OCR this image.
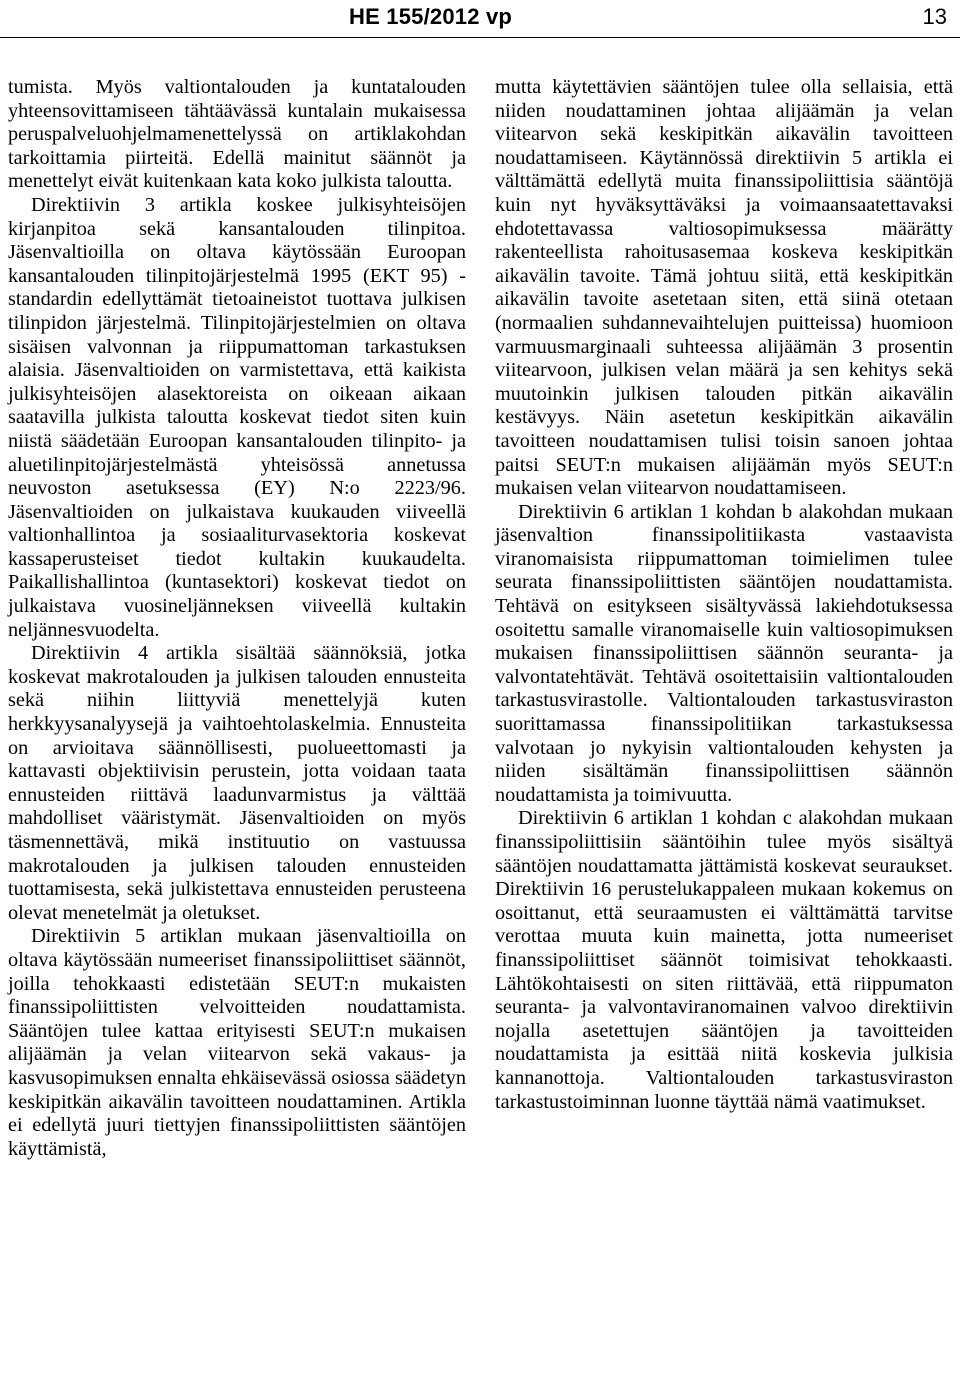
HE 155/2012 vp	13

tumista. Myös valtiontalouden ja kuntatalouden yhteensovittamiseen tähtäävässä kuntalain mukaisessa peruspalveluohjelmamenettelyssä on artiklakohdan tarkoittamia piirteitä. Edellä mainitut säännöt ja menettelyt eivät kuitenkaan kata koko julkista taloutta.

Direktiivin 3 artikla koskee julkisyhteisöjen kirjanpitoa sekä kansantalouden tilinpitoa. Jäsenvaltioilla on oltava käytössään Euroopan kansantalouden tilinpitojärjestelmä 1995 (EKT 95) -standardin edellyttämät tietoaineistot tuottava julkisen tilinpidon järjestelmä. Tilinpitojärjestelmien on oltava sisäisen valvonnan ja riippumattoman tarkastuksen alaisia. Jäsenvaltioiden on varmistettava, että kaikista julkisyhteisöjen alasektoreista on oikeaan aikaan saatavilla julkista taloutta koskevat tiedot siten kuin niistä säädetään Euroopan kansantalouden tilinpito- ja aluetilinpitojärjestelmästä yhteisössä annetussa neuvoston asetuksessa (EY) N:o 2223/96. Jäsenvaltioiden on julkaistava kuukauden viiveellä valtionhallintoa ja sosiaaliturvasektoria koskevat kassaperusteiset tiedot kultakin kuukaudelta. Paikallishallintoa (kuntasektori) koskevat tiedot on julkaistava vuosineljänneksen viiveellä kultakin neljännesvuodelta.

Direktiivin 4 artikla sisältää säännöksiä, jotka koskevat makrotalouden ja julkisen talouden ennusteita sekä niihin liittyviä menettelyjä kuten herkkyysanalyysejä ja vaihtoehtolaskelmia. Ennusteita on arvioitava säännöllisesti, puolueettomasti ja kattavasti objektiivisin perustein, jotta voidaan taata ennusteiden riittävä laadunvarmistus ja välttää mahdolliset vääristymät. Jäsenvaltioiden on myös täsmennettävä, mikä instituutio on vastuussa makrotalouden ja julkisen talouden ennusteiden tuottamisesta, sekä julkistettava ennusteiden perusteena olevat menetelmät ja oletukset.

Direktiivin 5 artiklan mukaan jäsenvaltioilla on oltava käytössään numeeriset finanssipoliittiset säännöt, joilla tehokkaasti edistetään SEUT:n mukaisten finanssipoliittisten velvoitteiden noudattamista. Sääntöjen tulee kattaa erityisesti SEUT:n mukaisen alijäämän ja velan viitearvon sekä vakaus- ja kasvusopimuksen ennalta ehkäisevässä osiossa säädetyn keskipitkän aikavälin tavoitteen noudattaminen. Artikla ei edellytä juuri tiettyjen finanssipoliittisten sääntöjen käyttämistä,

mutta käytettävien sääntöjen tulee olla sellaisia, että niiden noudattaminen johtaa alijäämän ja velan viitearvon sekä keskipitkän aikavälin tavoitteen noudattamiseen. Käytännössä direktiivin 5 artikla ei välttämättä edellytä muita finanssipoliittisia sääntöjä kuin nyt hyväksyttäväksi ja voimaansaatettavaksi ehdotettavassa valtiosopimuksessa määrätty rakenteellista rahoitusasemaa koskeva keskipitkän aikavälin tavoite. Tämä johtuu siitä, että keskipitkän aikavälin tavoite asetetaan siten, että siinä otetaan (normaalien suhdannevaihtelujen puitteissa) huomioon varmuusmarginaali suhteessa alijäämän 3 prosentin viitearvoon, julkisen velan määrä ja sen kehitys sekä muutoinkin julkisen talouden pitkän aikavälin kestävyys. Näin asetetun keskipitkän aikavälin tavoitteen noudattamisen tulisi toisin sanoen johtaa paitsi SEUT:n mukaisen alijäämän myös SEUT:n mukaisen velan viitearvon noudattamiseen.

Direktiivin 6 artiklan 1 kohdan b alakohdan mukaan jäsenvaltion finanssipolitiikasta vastaavista viranomaisista riippumattoman toimielimen tulee seurata finanssipoliittisten sääntöjen noudattamista. Tehtävä on esitykseen sisältyvässä lakiehdotuksessa osoitettu samalle viranomaiselle kuin valtiosopimuksen mukaisen finanssipoliittisen säännön seuranta- ja valvontatehtävät. Tehtävä osoitettaisiin valtiontalouden tarkastusvirastolle. Valtiontalouden tarkastusviraston suorittamassa finanssipolitiikan tarkastuksessa valvotaan jo nykyisin valtiontalouden kehysten ja niiden sisältämän finanssipoliittisen säännön noudattamista ja toimivuutta.

Direktiivin 6 artiklan 1 kohdan c alakohdan mukaan finanssipoliittisiin sääntöihin tulee myös sisältyä sääntöjen noudattamatta jättämistä koskevat seuraukset. Direktiivin 16 perustelukappaleen mukaan kokemus on osoittanut, että seuraamusten ei välttämättä tarvitse verottaa muuta kuin mainetta, jotta numeeriset finanssipoliittiset säännöt toimisivat tehokkaasti. Lähtökohtaisesti on siten riittävää, että riippumaton seuranta- ja valvontaviranomainen valvoo direktiivin nojalla asetettujen sääntöjen ja tavoitteiden noudattamista ja esittää niitä koskevia julkisia kannanottoja. Valtiontalouden tarkastusviraston tarkastustoiminnan luonne täyttää nämä vaatimukset.
